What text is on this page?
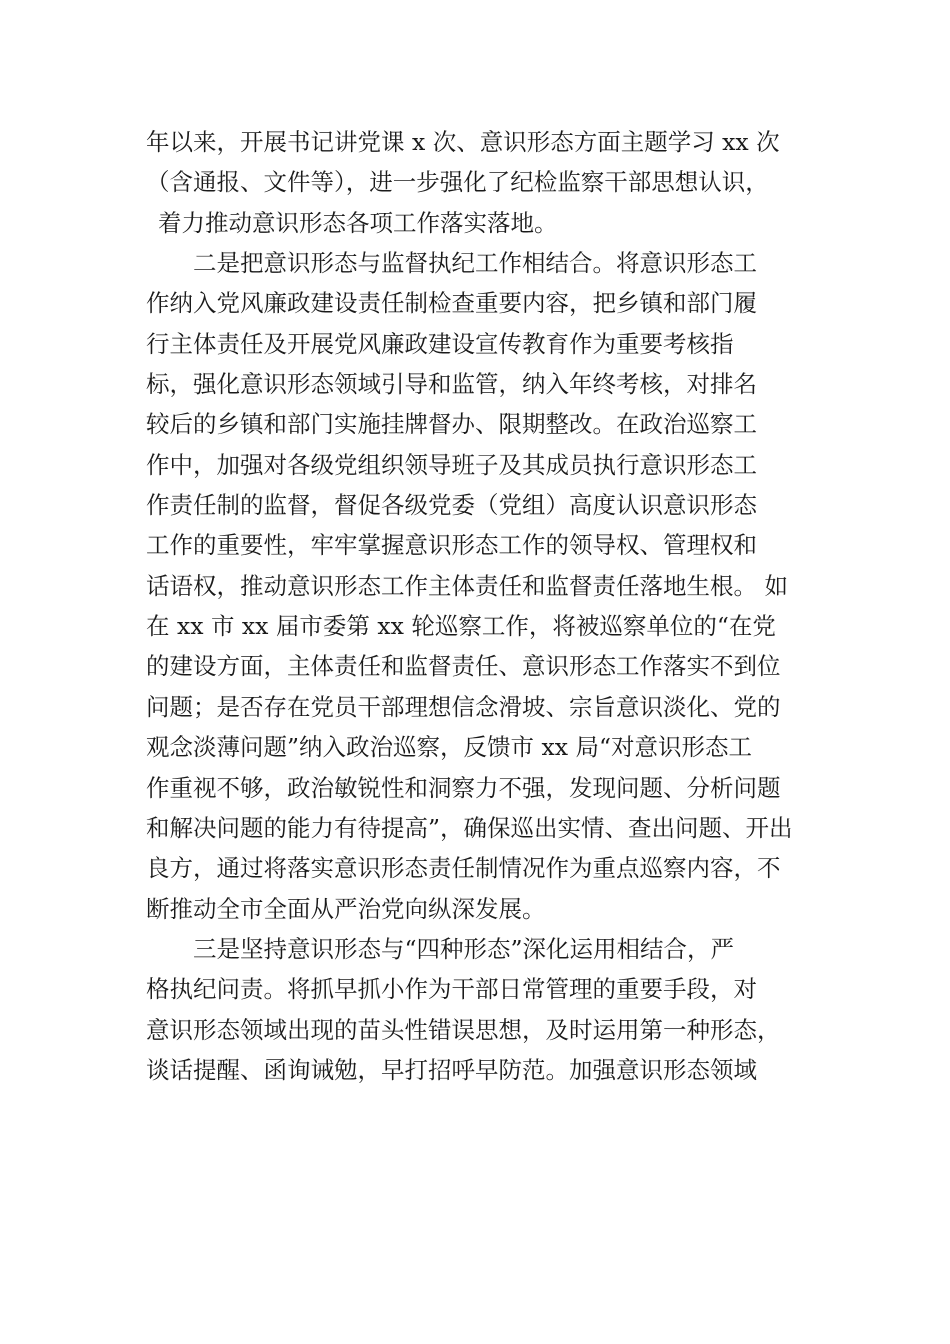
年以来，开展书记讲党课 x 次、意识形态方面主题学习 xx 次
（含通报、文件等），进一步强化了纪检监察干部思想认识，
着力推动意识形态各项工作落实落地。
二是把意识形态与监督执纪工作相结合。将意识形态工
作纳入党风廉政建设责任制检查重要内容，把乡镇和部门履
行主体责任及开展党风廉政建设宣传教育作为重要考核指
标，强化意识形态领域引导和监管，纳入年终考核，对排名
较后的乡镇和部门实施挂牌督办、限期整改。在政治巡察工
作中，加强对各级党组织领导班子及其成员执行意识形态工
作责任制的监督，督促各级党委（党组）高度认识意识形态
工作的重要性，牢牢掌握意识形态工作的领导权、管理权和
话语权，推动意识形态工作主体责任和监督责任落地生根。 如
在 xx 市 xx 届市委第 xx 轮巡察工作，将被巡察单位的“在党
的建设方面，主体责任和监督责任、意识形态工作落实不到位
问题；是否存在党员干部理想信念滑坡、宗旨意识淡化、党的
观念淡薄问题”纳入政治巡察，反馈市 xx 局“对意识形态工
作重视不够，政治敏锐性和洞察力不强，发现问题、分析问题
和解决问题的能力有待提高”，确保巡出实情、查出问题、开出
良方，通过将落实意识形态责任制情况作为重点巡察内容，不
断推动全市全面从严治党向纵深发展。
三是坚持意识形态与“四种形态”深化运用相结合，严
格执纪问责。将抓早抓小作为干部日常管理的重要手段，对
意识形态领域出现的苗头性错误思想，及时运用第一种形态，
谈话提醒、函询诫勉，早打招呼早防范。加强意识形态领域
